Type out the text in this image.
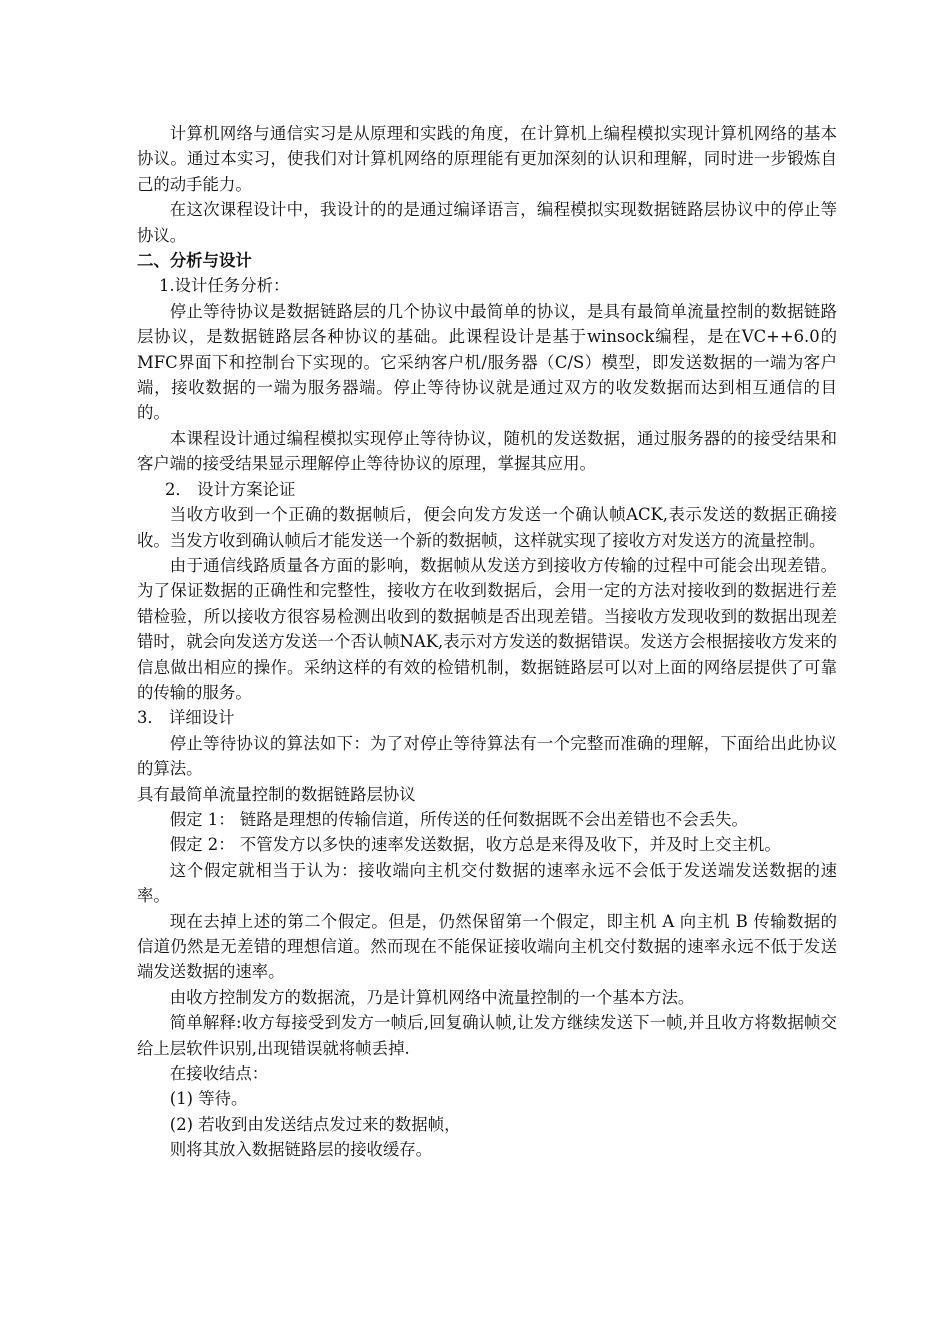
计算机网络与通信实习是从原理和实践的角度，在计算机上编程模拟实现计算机网络的基本协议。通过本实习，使我们对计算机网络的原理能有更加深刻的认识和理解，同时进一步锻炼自己的动手能力。

在这次课程设计中，我设计的的是通过编译语言，编程模拟实现数据链路层协议中的停止等协议。

二、分析与设计

1.设计任务分析：

停止等待协议是数据链路层的几个协议中最简单的协议，是具有最简单流量控制的数据链路层协议，是数据链路层各种协议的基础。此课程设计是基于winsock编程，是在VC++6.0的MFC界面下和控制台下实现的。它采纳客户机/服务器（C/S）模型，即发送数据的一端为客户端，接收数据的一端为服务器端。停止等待协议就是通过双方的收发数据而达到相互通信的目的。

本课程设计通过编程模拟实现停止等待协议，随机的发送数据，通过服务器的的接受结果和客户端的接受结果显示理解停止等待协议的原理，掌握其应用。

2． 设计方案论证

当收方收到一个正确的数据帧后，便会向发方发送一个确认帧ACK,表示发送的数据正确接收。当发方收到确认帧后才能发送一个新的数据帧，这样就实现了接收方对发送方的流量控制。

由于通信线路质量各方面的影响，数据帧从发送方到接收方传输的过程中可能会出现差错。为了保证数据的正确性和完整性，接收方在收到数据后，会用一定的方法对接收到的数据进行差错检验，所以接收方很容易检测出收到的数据帧是否出现差错。当接收方发现收到的数据出现差错时，就会向发送方发送一个否认帧NAK,表示对方发送的数据错误。发送方会根据接收方发来的信息做出相应的操作。采纳这样的有效的检错机制，数据链路层可以对上面的网络层提供了可靠的传输的服务。

3． 详细设计

停止等待协议的算法如下：为了对停止等待算法有一个完整而准确的理解，下面给出此协议的算法。

具有最简单流量控制的数据链路层协议

假定 1： 链路是理想的传输信道，所传送的任何数据既不会出差错也不会丢失。

假定 2： 不管发方以多快的速率发送数据，收方总是来得及收下，并及时上交主机。

这个假定就相当于认为：接收端向主机交付数据的速率永远不会低于发送端发送数据的速率。

现在去掉上述的第二个假定。但是，仍然保留第一个假定，即主机 A 向主机 B 传输数据的信道仍然是无差错的理想信道。然而现在不能保证接收端向主机交付数据的速率永远不低于发送端发送数据的速率。

由收方控制发方的数据流，乃是计算机网络中流量控制的一个基本方法。

简单解释:收方每接受到发方一帧后,回复确认帧,让发方继续发送下一帧,并且收方将数据帧交给上层软件识别,出现错误就将帧丢掉.

在接收结点：

(1) 等待。

(2) 若收到由发送结点发过来的数据帧，

则将其放入数据链路层的接收缓存。
